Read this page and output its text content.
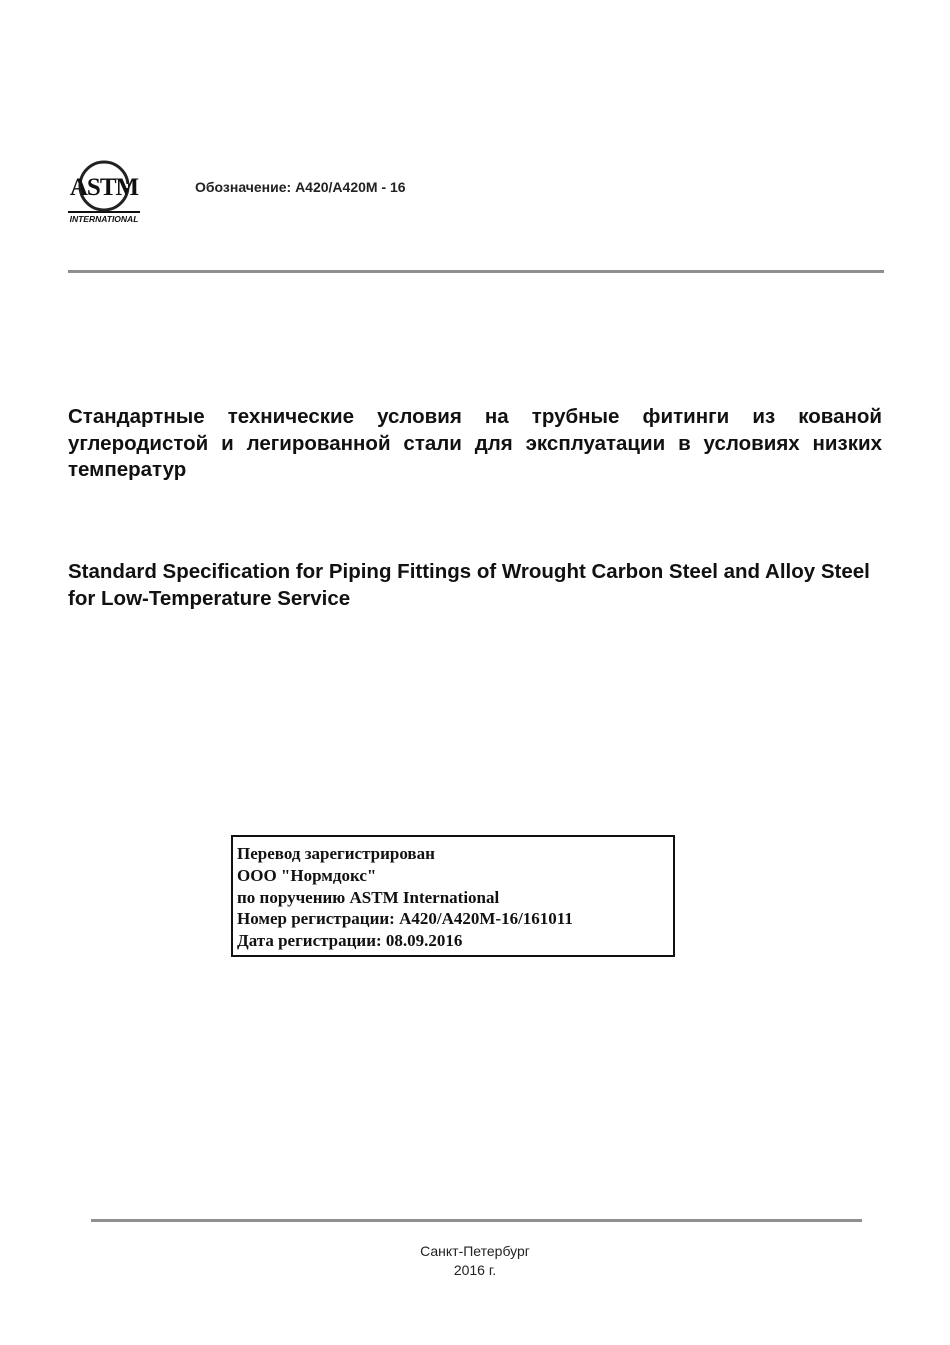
ASTM
INTERNATIONAL
Обозначение: A420/A420M - 16
Стандартные технические условия на трубные фитинги из кованой углеродистой и легированной стали для эксплуатации в условиях низких температур
Standard Specification for Piping Fittings of Wrought Carbon Steel and Alloy Steel for Low-Temperature Service
Перевод зарегистрирован
ООО "Нормдокс"
по поручению ASTM International
Номер регистрации: A420/A420M-16/161011
Дата регистрации: 08.09.2016
Санкт-Петербург
2016 г.
